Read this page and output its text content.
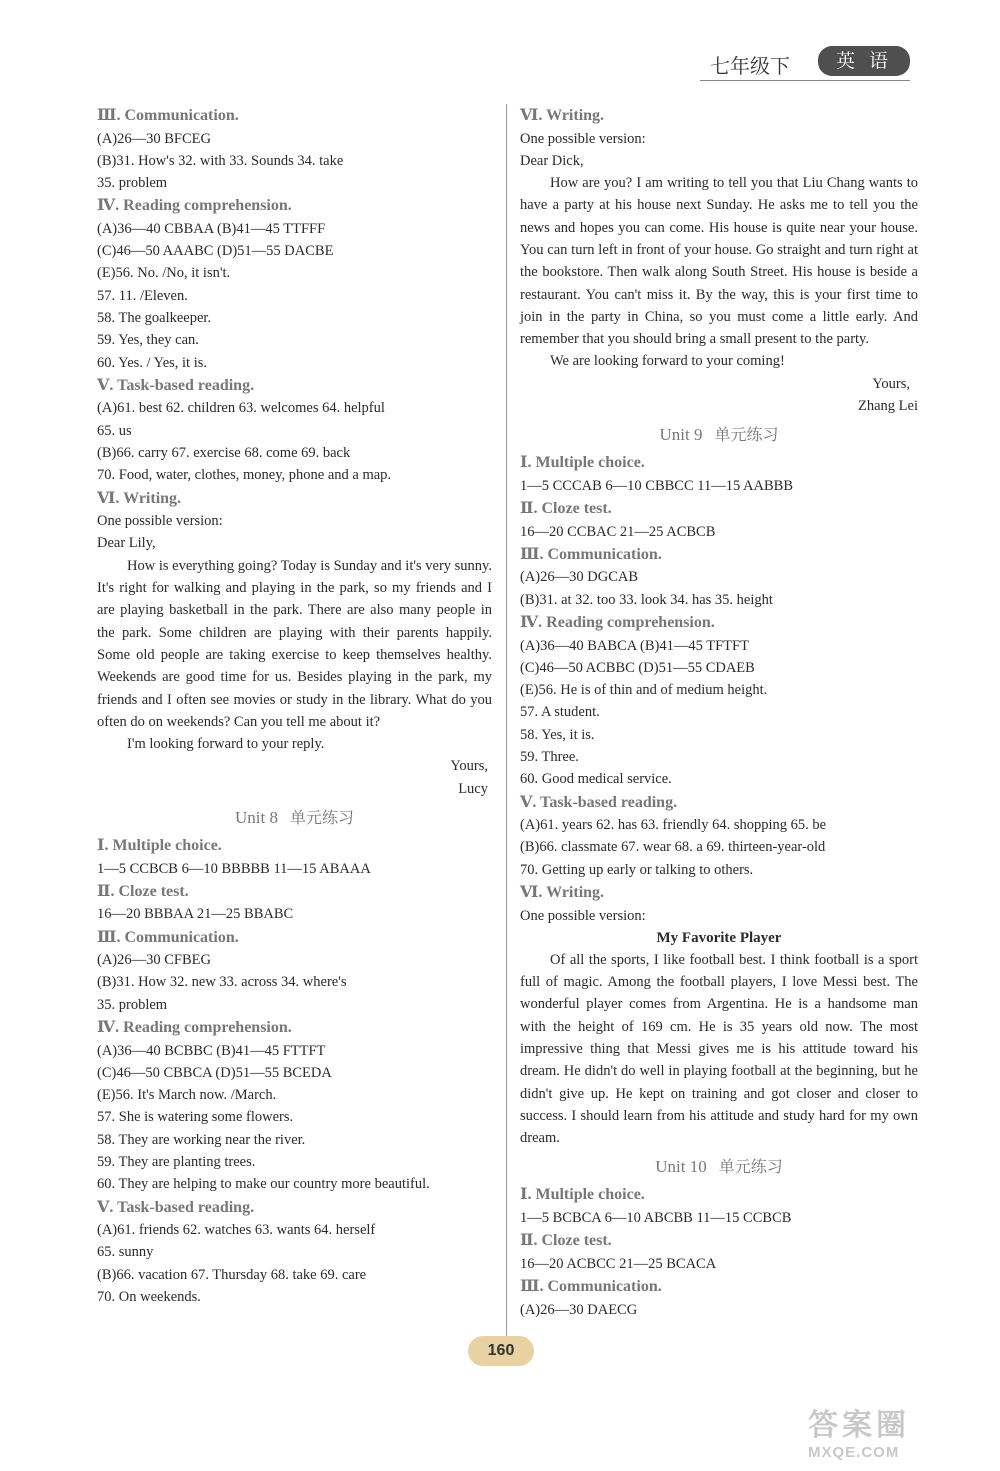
七年级下	英 语
Ⅲ. Communication.
(A)26—30 BFCEG
(B)31. How's 32. with 33. Sounds 34. take
35. problem
Ⅳ. Reading comprehension.
(A)36—40 CBBAA (B)41—45 TTFFF
(C)46—50 AAABC (D)51—55 DACBE
(E)56. No. /No, it isn't.
57. 11. /Eleven.
58. The goalkeeper.
59. Yes, they can.
60. Yes. / Yes, it is.
Ⅴ. Task-based reading.
(A)61. best 62. children 63. welcomes 64. helpful
65. us
(B)66. carry 67. exercise 68. come 69. back
70. Food, water, clothes, money, phone and a map.
Ⅵ. Writing.
One possible version:
Dear Lily,
How is everything going? Today is Sunday and it's very sunny. It's right for walking and playing in the park, so my friends and I are playing basketball in the park. There are also many people in the park. Some children are playing with their parents happily. Some old people are taking exercise to keep themselves healthy. Weekends are good time for us. Besides playing in the park, my friends and I often see movies or study in the library. What do you often do on weekends? Can you tell me about it?
I'm looking forward to your reply.
Yours,
Lucy
Unit 8 单元练习
Ⅰ. Multiple choice.
1—5 CCBCB 6—10 BBBBB 11—15 ABAAA
Ⅱ. Cloze test.
16—20 BBBAA 21—25 BBABC
Ⅲ. Communication.
(A)26—30 CFBEG
(B)31. How 32. new 33. across 34. where's
35. problem
Ⅳ. Reading comprehension.
(A)36—40 BCBBC (B)41—45 FTTFT
(C)46—50 CBBCA (D)51—55 BCEDA
(E)56. It's March now. /March.
57. She is watering some flowers.
58. They are working near the river.
59. They are planting trees.
60. They are helping to make our country more beautiful.
Ⅴ. Task-based reading.
(A)61. friends 62. watches 63. wants 64. herself
65. sunny
(B)66. vacation 67. Thursday 68. take 69. care
70. On weekends.
Ⅵ. Writing.
One possible version:
Dear Dick,
How are you? I am writing to tell you that Liu Chang wants to have a party at his house next Sunday. He asks me to tell you the news and hopes you can come. His house is quite near your house. You can turn left in front of your house. Go straight and turn right at the bookstore. Then walk along South Street. His house is beside a restaurant. You can't miss it. By the way, this is your first time to join in the party in China, so you must come a little early. And remember that you should bring a small present to the party.
We are looking forward to your coming!
Yours,
Zhang Lei
Unit 9 单元练习
Ⅰ. Multiple choice.
1—5 CCCAB 6—10 CBBCC 11—15 AABBB
Ⅱ. Cloze test.
16—20 CCBAC 21—25 ACBCB
Ⅲ. Communication.
(A)26—30 DGCAB
(B)31. at 32. too 33. look 34. has 35. height
Ⅳ. Reading comprehension.
(A)36—40 BABCA (B)41—45 TFTFT
(C)46—50 ACBBC (D)51—55 CDAEB
(E)56. He is of thin and of medium height.
57. A student.
58. Yes, it is.
59. Three.
60. Good medical service.
Ⅴ. Task-based reading.
(A)61. years 62. has 63. friendly 64. shopping 65. be
(B)66. classmate 67. wear 68. a 69. thirteen-year-old
70. Getting up early or talking to others.
Ⅵ. Writing.
One possible version:
My Favorite Player
Of all the sports, I like football best. I think football is a sport full of magic. Among the football players, I love Messi best. The wonderful player comes from Argentina. He is a handsome man with the height of 169 cm. He is 35 years old now. The most impressive thing that Messi gives me is his attitude toward his dream. He didn't do well in playing football at the beginning, but he didn't give up. He kept on training and got closer and closer to success. I should learn from his attitude and study hard for my own dream.
Unit 10 单元练习
Ⅰ. Multiple choice.
1—5 BCBCA 6—10 ABCBB 11—15 CCBCB
Ⅱ. Cloze test.
16—20 ACBCC 21—25 BCACA
Ⅲ. Communication.
(A)26—30 DAECG
160
答案圈
MXQE.COM
